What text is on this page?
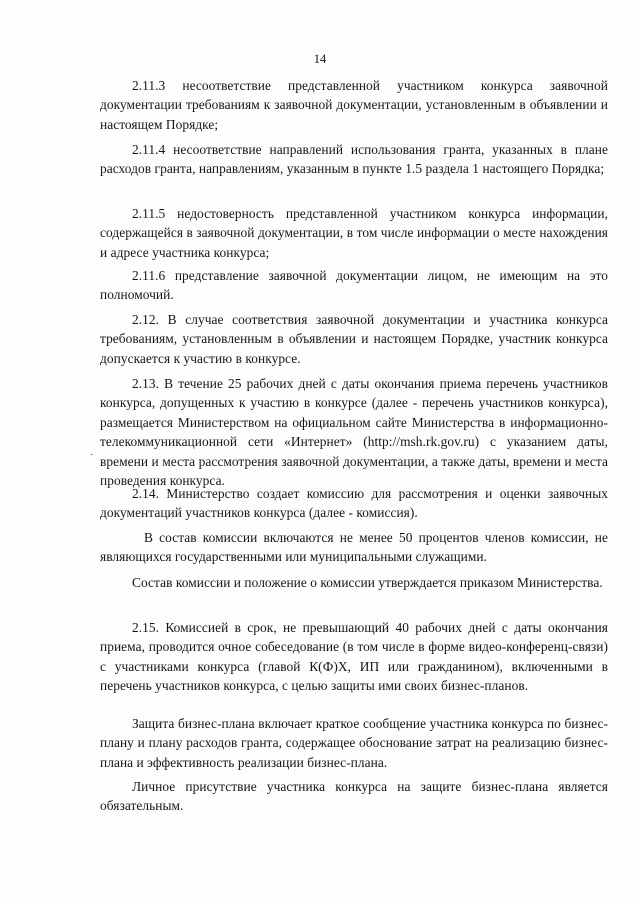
14

2.11.3 несоответствие представленной участником конкурса заявочной документации требованиям к заявочной документации, установленным в объявлении и настоящем Порядке;

2.11.4 несоответствие направлений использования гранта, указанных в плане расходов гранта, направлениям, указанным в пункте 1.5 раздела 1 настоящего Порядка;

2.11.5 недостоверность представленной участником конкурса информации, содержащейся в заявочной документации, в том числе информации о месте нахождения и адресе участника конкурса;

2.11.6 представление заявочной документации лицом, не имеющим на это полномочий.

2.12. В случае соответствия заявочной документации и участника конкурса требованиям, установленным в объявлении и настоящем Порядке, участник конкурса допускается к участию в конкурсе.

2.13. В течение 25 рабочих дней с даты окончания приема перечень участников конкурса, допущенных к участию в конкурсе (далее - перечень участников конкурса), размещается Министерством на официальном сайте Министерства в информационно-телекоммуникационной сети «Интернет» (http://msh.rk.gov.ru) с указанием даты, времени и места рассмотрения заявочной документации, а также даты, времени и места проведения конкурса.

2.14. Министерство создает комиссию для рассмотрения и оценки заявочных документаций участников конкурса (далее - комиссия).

В состав комиссии включаются не менее 50 процентов членов комиссии, не являющихся государственными или муниципальными служащими.

Состав комиссии и положение о комиссии утверждается приказом Министерства.

2.15. Комиссией в срок, не превышающий 40 рабочих дней с даты окончания приема, проводится очное собеседование (в том числе в форме видео-конференц-связи) с участниками конкурса (главой К(Ф)Х, ИП или гражданином), включенными в перечень участников конкурса, с целью защиты ими своих бизнес-планов.

Защита бизнес-плана включает краткое сообщение участника конкурса по бизнес-плану и плану расходов гранта, содержащее обоснование затрат на реализацию бизнес-плана и эффективность реализации бизнес-плана.

Личное присутствие участника конкурса на защите бизнес-плана является обязательным.

-
